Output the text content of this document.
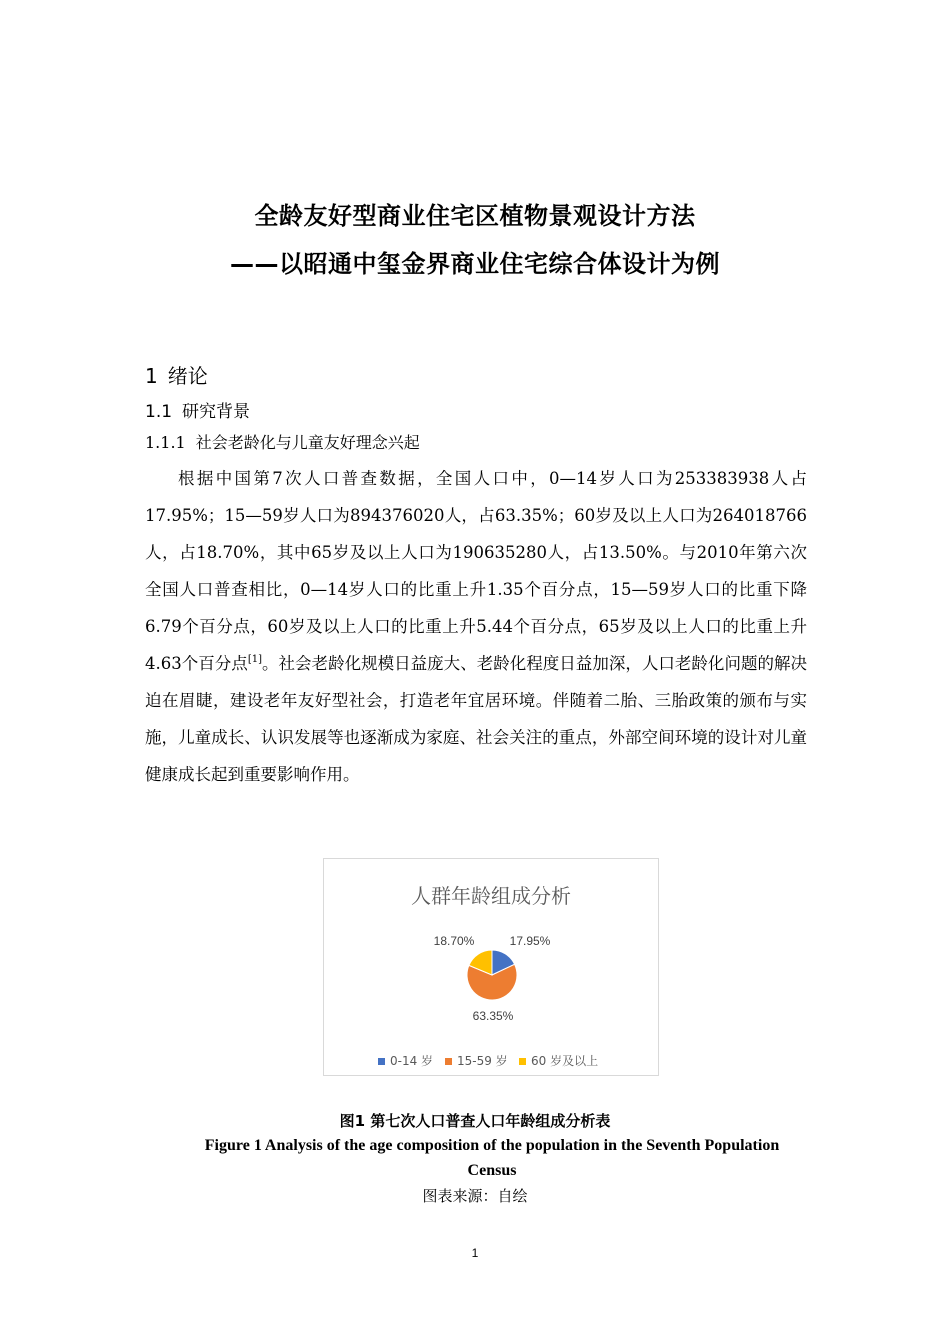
全龄友好型商业住宅区植物景观设计方法
——以昭通中玺金界商业住宅综合体设计为例
1 绪论
1.1 研究背景
1.1.1 社会老龄化与儿童友好理念兴起

根据中国第7次人口普查数据，全国人口中，0—14岁人口为253383938人占17.95%；15—59岁人口为894376020人，占63.35%；60岁及以上人口为264018766人，占18.70%，其中65岁及以上人口为190635280人，占13.50%。与2010年第六次全国人口普查相比，0—14岁人口的比重上升1.35个百分点，15—59岁人口的比重下降6.79个百分点，60岁及以上人口的比重上升5.44个百分点，65岁及以上人口的比重上升4.63个百分点[1]。社会老龄化规模日益庞大、老龄化程度日益加深，人口老龄化问题的解决迫在眉睫，建设老年友好型社会，打造老年宜居环境。伴随着二胎、三胎政策的颁布与实施，儿童成长、认识发展等也逐渐成为家庭、社会关注的重点，外部空间环境的设计对儿童健康成长起到重要影响作用。

人群年龄组成分析
17.95%
63.35%
18.70%
0-14 岁 15-59 岁 60 岁及以上
图1 第七次人口普查人口年龄组成分析表
Figure 1 Analysis of the age composition of the population in the Seventh Population Census
图表来源：自绘
1
